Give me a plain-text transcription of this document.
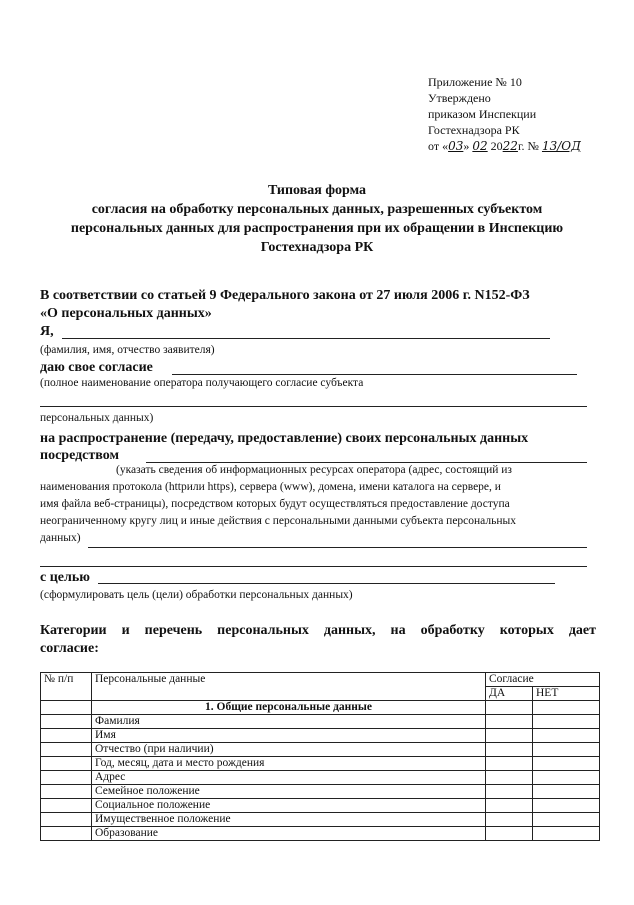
Приложение № 10
Утверждено
приказом Инспекции
Гостехнадзора РК
от «03» 02 2022г. № 13/ОД
Типовая форма
согласия на обработку персональных данных, разрешенных субъектом
персональных данных для распространения при их обращении в Инспекцию
Гостехнадзора РК
В соответствии со статьей 9 Федерального закона от 27 июля 2006 г. N152-ФЗ
«О персональных данных»
Я,
(фамилия, имя, отчество заявителя)
даю свое согласие
(полное наименование оператора получающего согласие субъекта
персональных данных)
на распространение (передачу, предоставление) своих персональных данных
посредством
(указать сведения об информационных ресурсах оператора (адрес, состоящий из
наименования протокола (httpили https), сервера (www), домена, имени каталога на сервере, и
имя файла веб-страницы), посредством которых будут осуществляться предоставление доступа
неограниченному кругу лиц и иные действия с персональными данными субъекта персональных
данных)
с целью
(сформулировать цель (цели) обработки персональных данных)
Категории и перечень персональных данных, на обработку которых дает
согласие:
№ п/п	Персональные данные	Согласие	
		ДА	НЕТ
	1. Общие персональные данные		
	Фамилия		
	Имя		
	Отчество (при наличии)		
	Год, месяц, дата и место рождения		
	Адрес		
	Семейное положение		
	Социальное положение		
	Имущественное положение		
	Образование		
